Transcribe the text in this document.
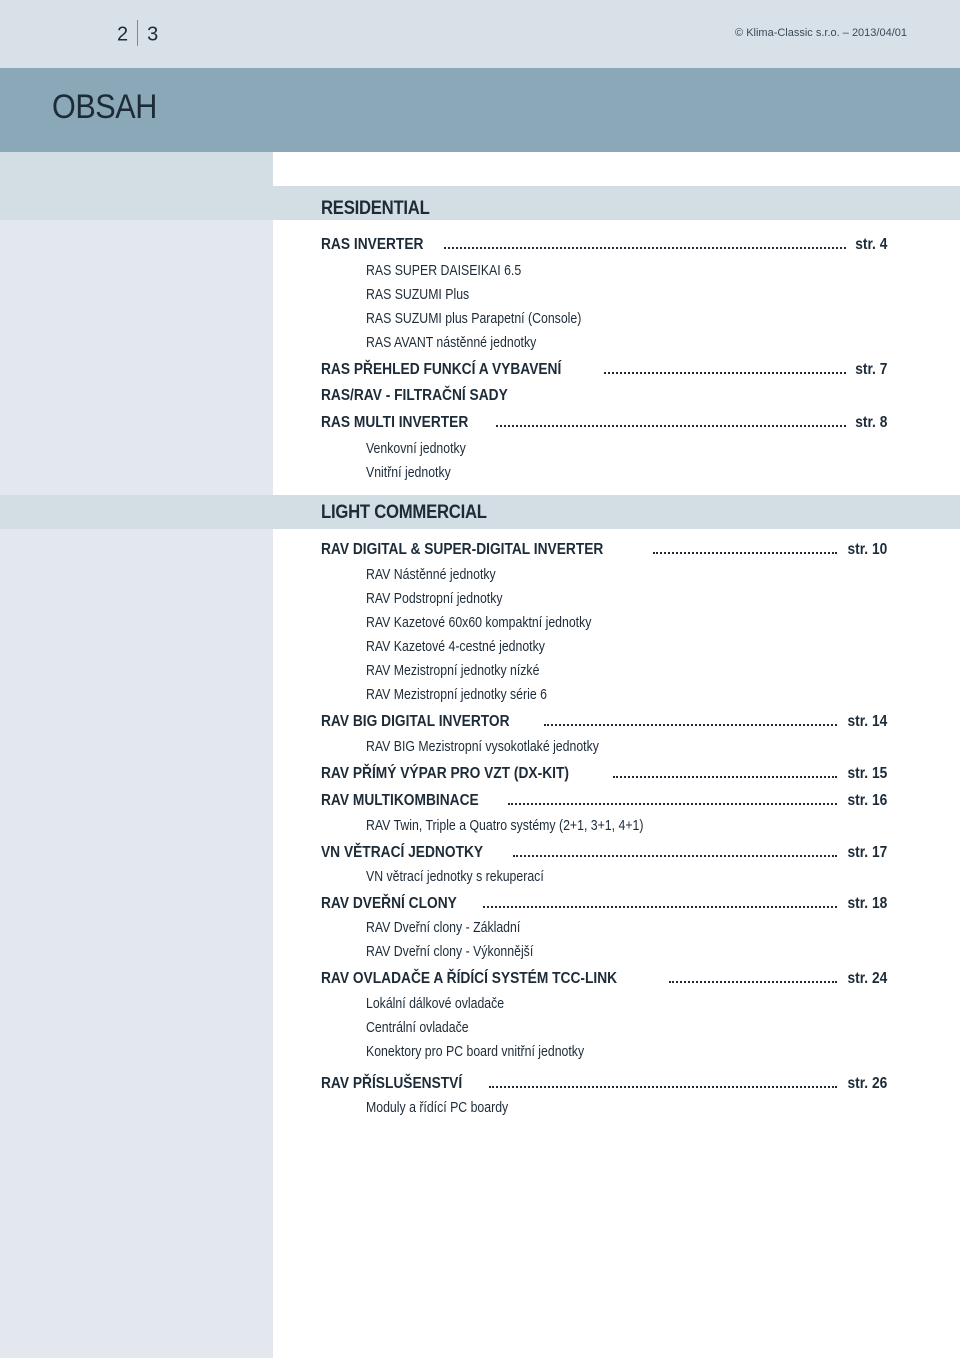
2 3	© Klima-Classic s.r.o. – 2013/04/01
OBSAH
RESIDENTIAL
RAS INVERTER	str. 4
RAS SUPER DAISEIKAI 6.5
RAS SUZUMI Plus
RAS SUZUMI plus Parapetní (Console)
RAS AVANT nástěnné jednotky
RAS PŘEHLED FUNKCÍ A VYBAVENÍ	str. 7
RAS/RAV - FILTRAČNÍ SADY
RAS MULTI INVERTER	str. 8
Venkovní jednotky
Vnitřní jednotky
LIGHT COMMERCIAL
RAV DIGITAL & SUPER-DIGITAL INVERTER	str. 10
RAV Nástěnné jednotky
RAV Podstropní jednotky
RAV Kazetové 60x60 kompaktní jednotky
RAV Kazetové 4-cestné jednotky
RAV Mezistropní jednotky nízké
RAV Mezistropní jednotky série 6
RAV BIG DIGITAL INVERTOR	str. 14
RAV BIG Mezistropní vysokotlaké jednotky
RAV PŘÍMÝ VÝPAR PRO VZT (DX-KIT)	str. 15
RAV MULTIKOMBINACE	str. 16
RAV Twin, Triple a Quatro systémy (2+1, 3+1, 4+1)
VN VĚTRACÍ JEDNOTKY	str. 17
VN větrací jednotky s rekuperací
RAV DVEŘNÍ CLONY	str. 18
RAV Dveřní clony - Základní
RAV Dveřní clony - Výkonnější
RAV OVLADAČE A ŘÍDÍCÍ SYSTÉM TCC-LINK	str. 24
Lokální dálkové ovladače
Centrální ovladače
Konektory pro PC board vnitřní jednotky
RAV PŘÍSLUŠENSTVÍ	str. 26
Moduly a řídící PC boardy
